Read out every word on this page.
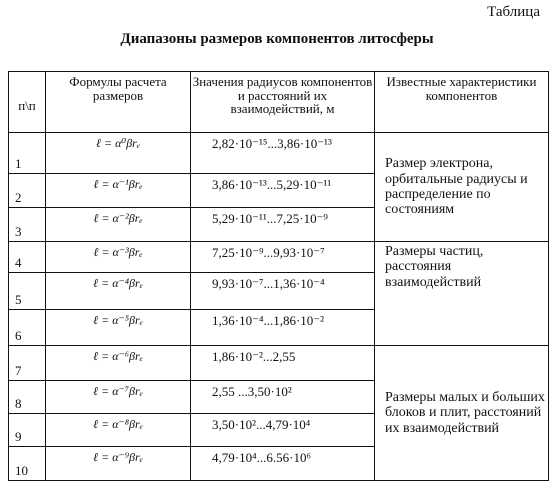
Таблица
Диапазоны размеров компонентов литосферы
п\п	Формулы расчета размеров	Значения радиусов компонентов и расстояний их взаимодействий, м	Известные характеристики компонентов
1	ℓ = α⁰βrₑ	2,82·10⁻¹⁵...3,86·10⁻¹³	Размер электрона, орбитальные радиусы и распределение по состояниям
2	ℓ = α⁻¹βrₑ	3,86·10⁻¹³...5,29·10⁻¹¹	
3	ℓ = α⁻²βrₑ	5,29·10⁻¹¹...7,25·10⁻⁹	
4	ℓ = α⁻³βrₑ	7,25·10⁻⁹...9,93·10⁻⁷	Размеры частиц, расстояния взаимодействий
5	ℓ = α⁻⁴βrₑ	9,93·10⁻⁷...1,36·10⁻⁴	
6	ℓ = α⁻⁵βrₑ	1,36·10⁻⁴...1,86·10⁻²	
7	ℓ = α⁻⁶βrₑ	1,86·10⁻²...2,55	Размеры малых и больших блоков и плит, расстояний их взаимодействий
8	ℓ = α⁻⁷βrₑ	2,55 ...3,50·10²	
9	ℓ = α⁻⁸βrₑ	3,50·10²...4,79·10⁴	
10	ℓ = α⁻⁹βrₑ	4,79·10⁴...6.56·10⁶	
